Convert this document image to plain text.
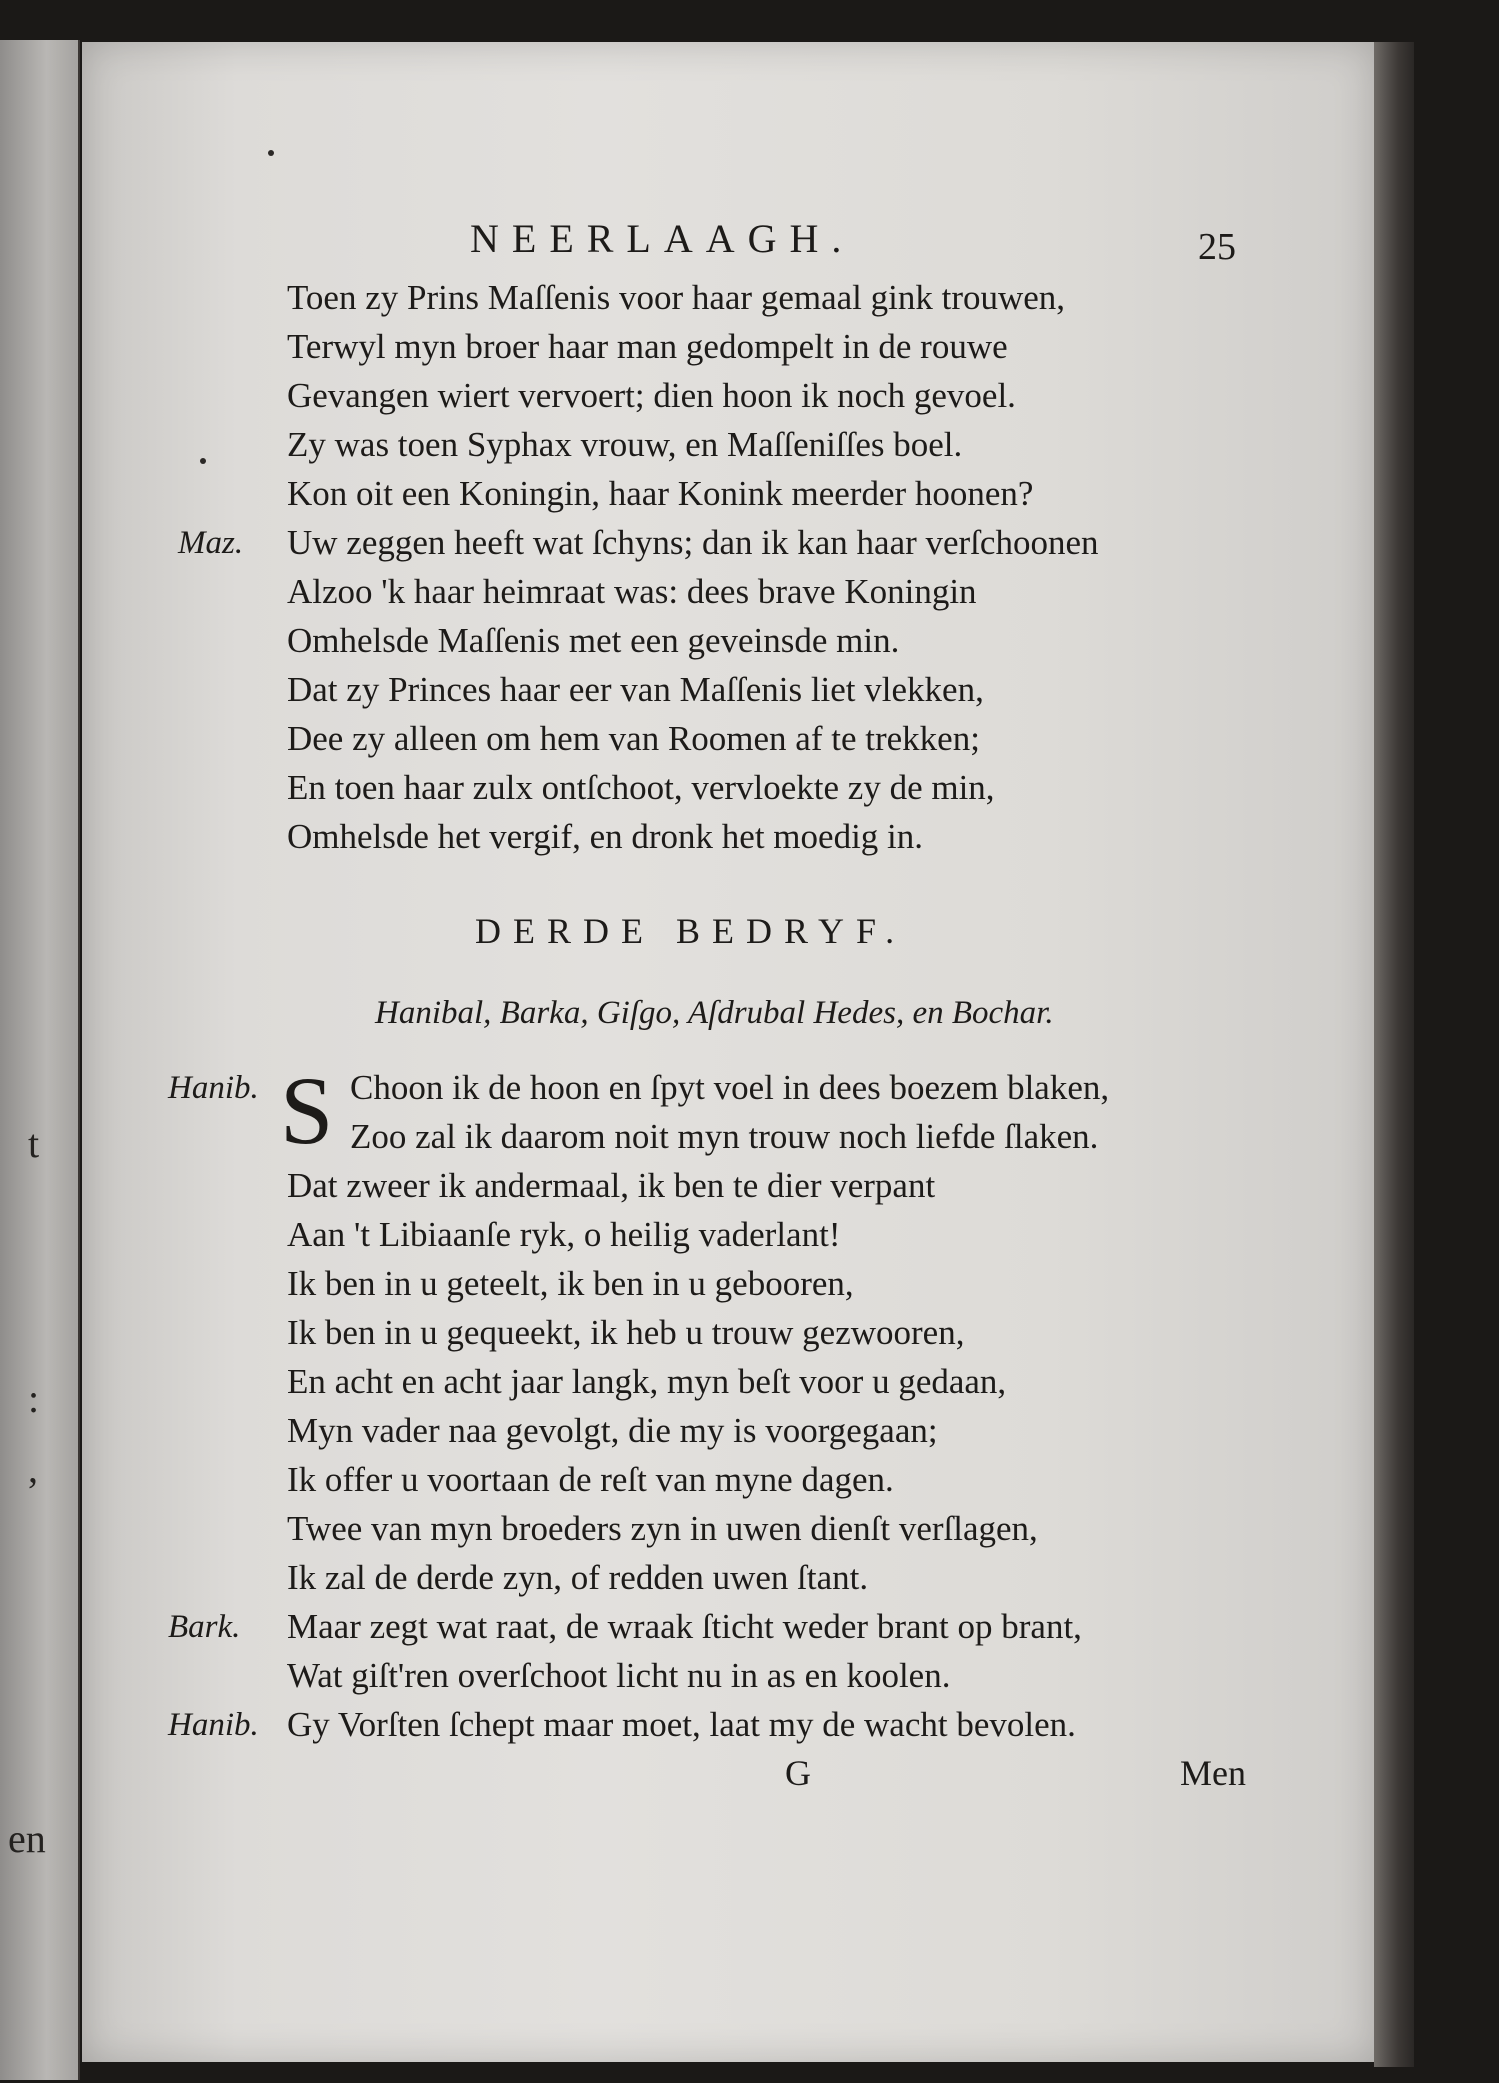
t
:
,
en
NEERLAAGH.	25
Toen zy Prins Maſſenis voor haar gemaal gink trouwen,
Terwyl myn broer haar man gedompelt in de rouwe
Gevangen wiert vervoert; dien hoon ik noch gevoel.
Zy was toen Syphax vrouw, en Maſſeniſſes boel.
Kon oit een Koningin, haar Konink meerder hoonen?
Maz. Uw zeggen heeft wat ſchyns; dan ik kan haar verſchoonen
Alzoo 'k haar heimraat was: dees brave Koningin
Omhelsde Maſſenis met een geveinsde min.
Dat zy Princes haar eer van Maſſenis liet vlekken,
Dee zy alleen om hem van Roomen af te trekken;
En toen haar zulx ontſchoot, vervloekte zy de min,
Omhelsde het vergif, en dronk het moedig in.
DERDE BEDRYF.
Hanibal, Barka, Giſgo, Aſdrubal Hedes, en Bochar.
S
Hanib.	Choon ik de hoon en ſpyt voel in dees boezem blaken,
Zoo zal ik daarom noit myn trouw noch liefde ſlaken.
Dat zweer ik andermaal, ik ben te dier verpant
Aan 't Libiaanſe ryk, o heilig vaderlant!
Ik ben in u geteelt, ik ben in u gebooren,
Ik ben in u gequeekt, ik heb u trouw gezwooren,
En acht en acht jaar langk, myn beſt voor u gedaan,
Myn vader naa gevolgt, die my is voorgegaan;
Ik offer u voortaan de reſt van myne dagen.
Twee van myn broeders zyn in uwen dienſt verſlagen,
Ik zal de derde zyn, of redden uwen ſtant.
Bark. Maar zegt wat raat, de wraak ſticht weder brant op brant,
Wat giſt'ren overſchoot licht nu in as en koolen.
Hanib. Gy Vorſten ſchept maar moet, laat my de wacht bevolen.
G	Men
